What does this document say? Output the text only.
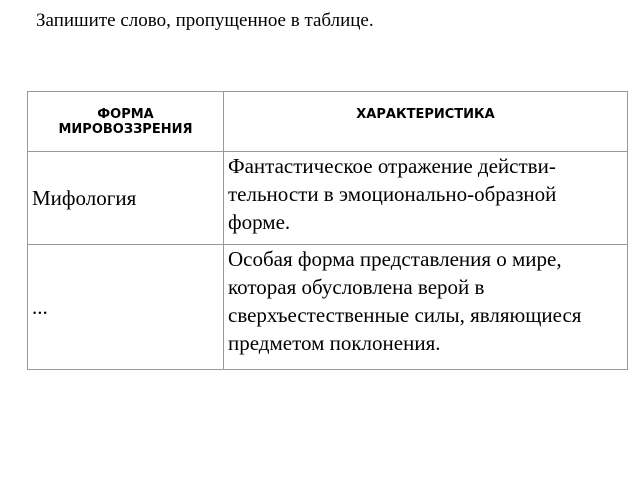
Запишите слово, пропущенное в таблице.
ФОРМА МИРОВОЗЗРЕНИЯ	ХАРАКТЕРИСТИКА
Мифология	Фантастическое отражение действительности в эмоционально-образной форме.
...	Особая форма представления о мире, которая обусловлена верой в сверхъестественные силы, являющиеся предметом поклонения.
